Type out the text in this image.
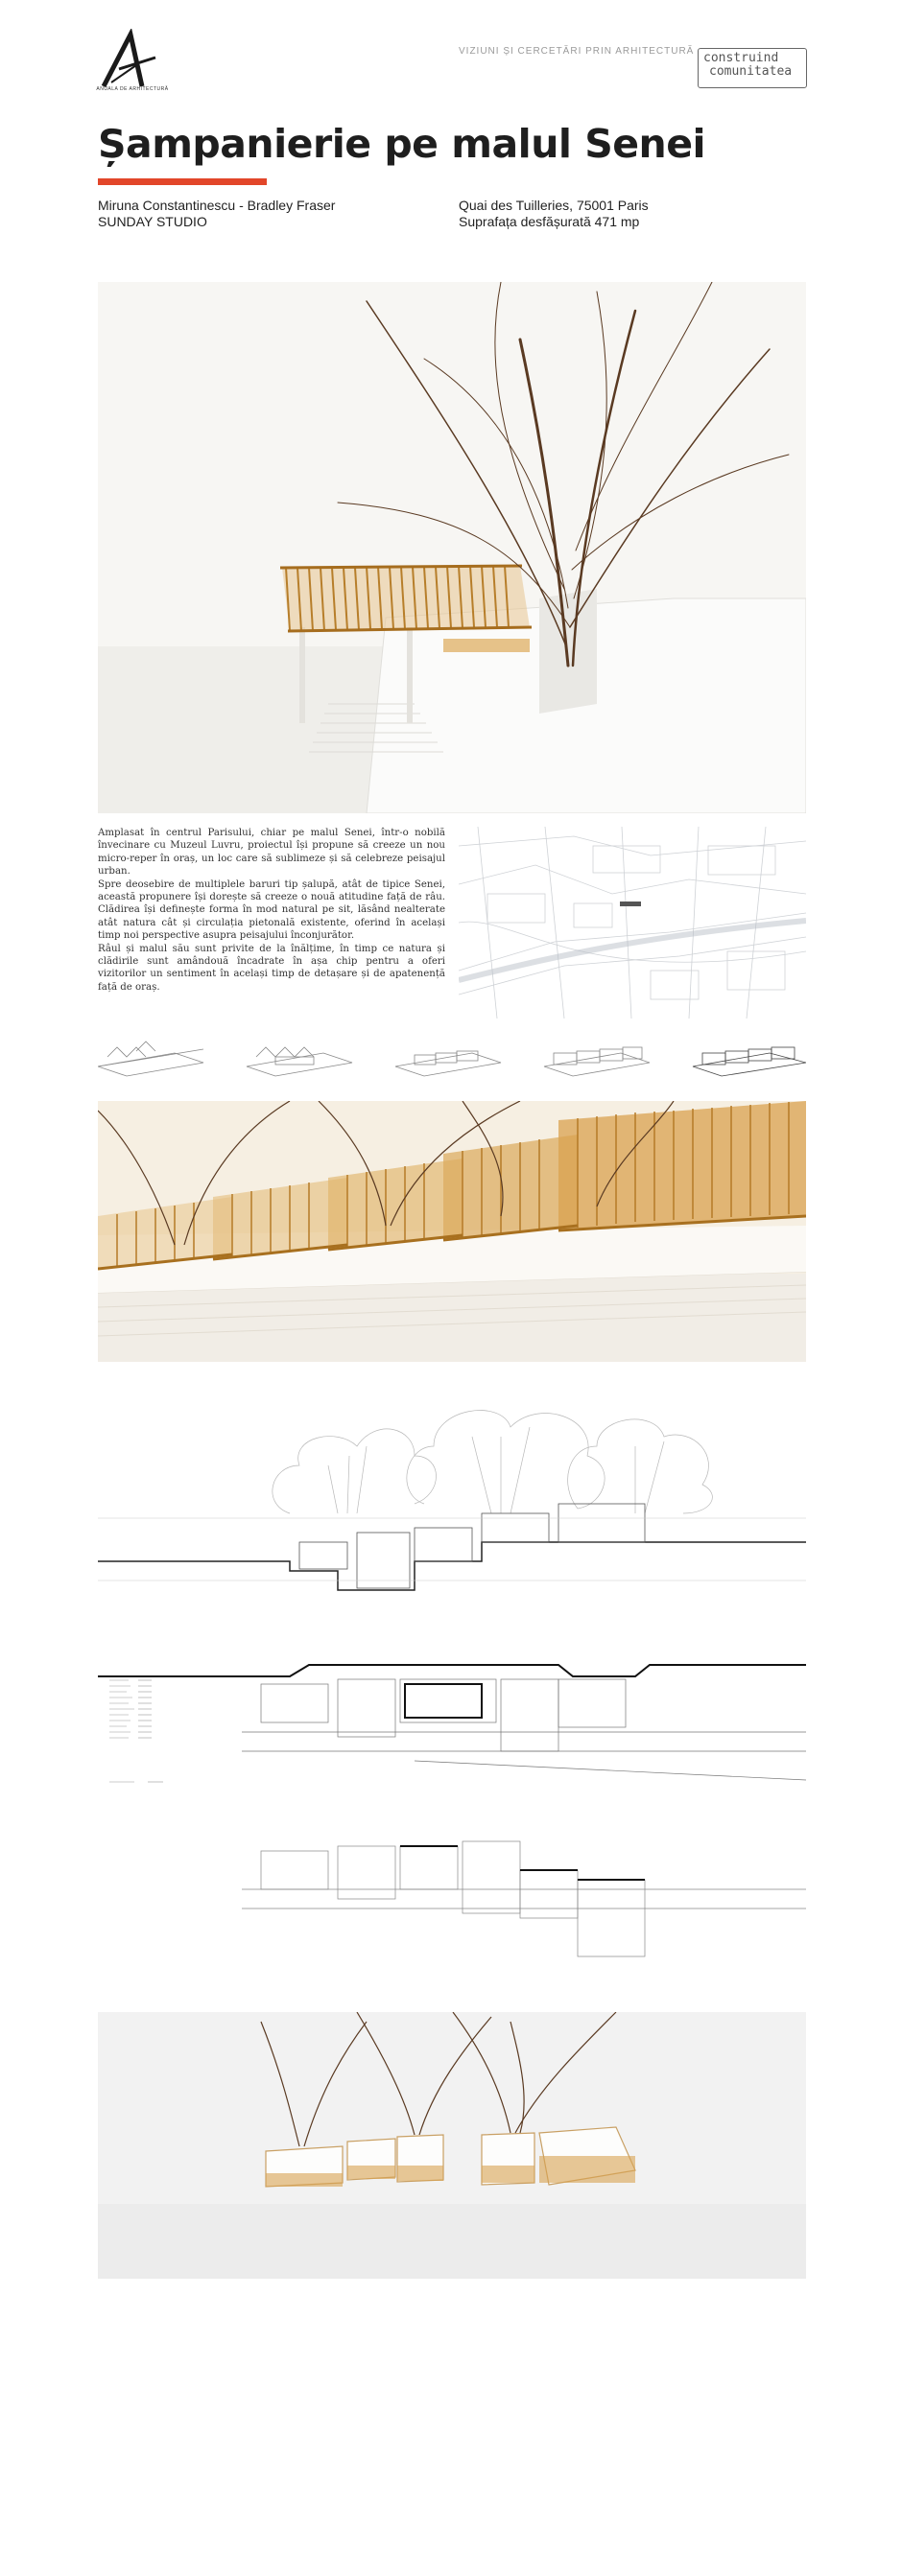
ANUALA DE ARHITECTURĂ
VIZIUNI ȘI CERCETĂRI PRIN ARHITECTURĂ construind
comunitatea
Șampanierie pe malul Senei
Miruna Constantinescu - Bradley Fraser
SUNDAY STUDIO
Quai des Tuilleries, 75001 Paris
Suprafața desfășurată 471 mp

Amplasat în centrul Parisului, chiar pe malul Senei, într-o nobilă învecinare cu Muzeul Luvru, proiectul își propune să creeze un nou micro-reper în oraș, un loc care să sublimeze și să celebreze peisajul urban.

Spre deosebire de multiplele baruri tip șalupă, atât de tipice Senei, această propunere își dorește să creeze o nouă atitudine față de râu. Clădirea își definește forma în mod natural pe sit, lăsând nealterate atât natura cât și circulația pietonală existente, oferind în același timp noi perspective asupra peisajului înconjurător.

Râul și malul său sunt privite de la înălțime, în timp ce natura și clădirile sunt amândouă încadrate în așa chip pentru a oferi vizitorilor un sentiment în același timp de detașare și de apatenență față de oraș.
